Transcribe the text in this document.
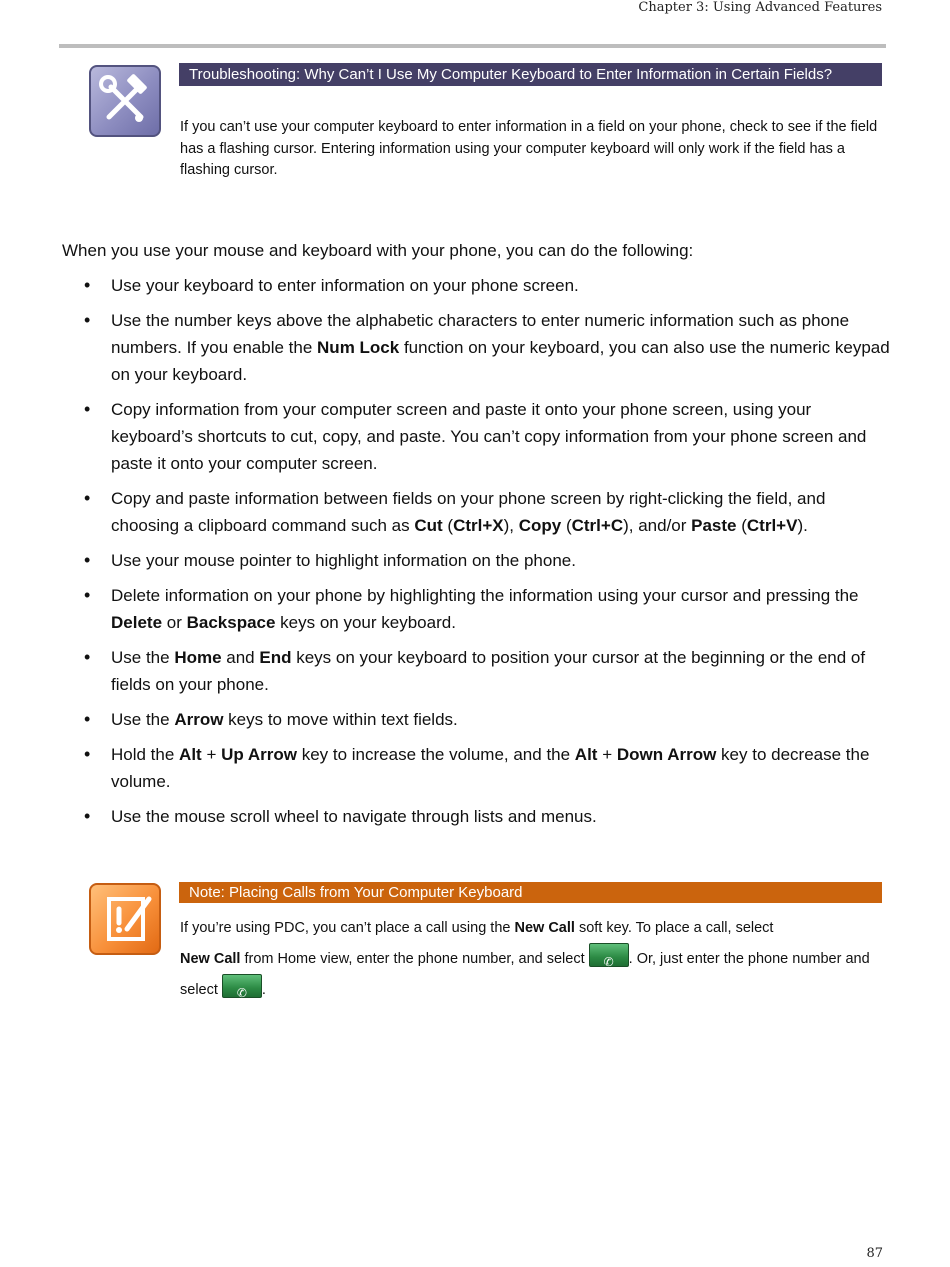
Chapter 3: Using Advanced Features
Troubleshooting: Why Can’t I Use My Computer Keyboard to Enter Information in Certain Fields?
If you can’t use your computer keyboard to enter information in a field on your phone, check to see if the field has a flashing cursor. Entering information using your computer keyboard will only work if the field has a flashing cursor.
When you use your mouse and keyboard with your phone, you can do the following:
• Use your keyboard to enter information on your phone screen.
• Use the number keys above the alphabetic characters to enter numeric information such as phone numbers. If you enable the Num Lock function on your keyboard, you can also use the numeric keypad on your keyboard.
• Copy information from your computer screen and paste it onto your phone screen, using your keyboard’s shortcuts to cut, copy, and paste. You can’t copy information from your phone screen and paste it onto your computer screen.
• Copy and paste information between fields on your phone screen by right-clicking the field, and choosing a clipboard command such as Cut (Ctrl+X), Copy (Ctrl+C), and/or Paste (Ctrl+V).
• Use your mouse pointer to highlight information on the phone.
• Delete information on your phone by highlighting the information using your cursor and pressing the Delete or Backspace keys on your keyboard.
• Use the Home and End keys on your keyboard to position your cursor at the beginning or the end of fields on your phone.
• Use the Arrow keys to move within text fields.
• Hold the Alt + Up Arrow key to increase the volume, and the Alt + Down Arrow key to decrease the volume.
• Use the mouse scroll wheel to navigate through lists and menus.
Note: Placing Calls from Your Computer Keyboard
If you’re using PDC, you can’t place a call using the New Call soft key. To place a call, select
New Call from Home view, enter the phone number, and select ✆ . Or, just enter the phone number and select ✆ .
87
